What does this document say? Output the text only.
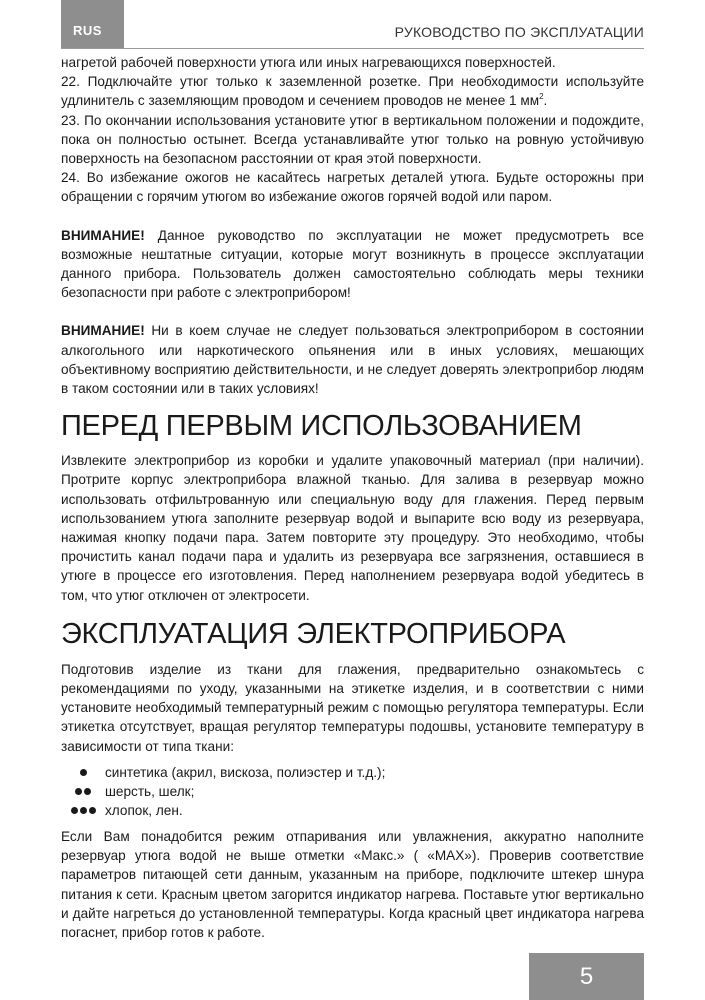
RUS	РУКОВОДСТВО ПО ЭКСПЛУАТАЦИИ

нагретой рабочей поверхности утюга или иных нагревающихся поверхностей.

22. Подключайте утюг только к заземленной розетке. При необходимости используйте удлинитель с заземляющим проводом и сечением проводов не менее 1 $мм^2$.

23. По окончании использования установите утюг в вертикальном положении и подождите, пока он полностью остынет. Всегда устанавливайте утюг только на ровную устойчивую поверхность на безопасном расстоянии от края этой поверхности.

24. Во избежание ожогов не касайтесь нагретых деталей утюга. Будьте осторожны при обращении с горячим утюгом во избежание ожогов горячей водой или паром.

ВНИМАНИЕ! Данное руководство по эксплуатации не может предусмотреть все возможные нештатные ситуации, которые могут возникнуть в процессе эксплуатации данного прибора. Пользователь должен самостоятельно соблюдать меры техники безопасности при работе с электроприбором!

ВНИМАНИЕ! Ни в коем случае не следует пользоваться электроприбором в состоянии алкогольного или наркотического опьянения или в иных условиях, мешающих объективному восприятию действительности, и не следует доверять электроприбор людям в таком состоянии или в таких условиях!

ПЕРЕД ПЕРВЫМ ИСПОЛЬЗОВАНИЕМ

Извлеките электроприбор из коробки и удалите упаковочный материал (при наличии). Протрите корпус электроприбора влажной тканью. Для залива в резервуар можно использовать отфильтрованную или специальную воду для глажения. Перед первым использованием утюга заполните резервуар водой и выпарите всю воду из резервуара, нажимая кнопку подачи пара. Затем повторите эту процедуру. Это необходимо, чтобы прочистить канал подачи пара и удалить из резервуара все загрязнения, оставшиеся в утюге в процессе его изготовления. Перед наполнением резервуара водой убедитесь в том, что утюг отключен от электросети.

ЭКСПЛУАТАЦИЯ ЭЛЕКТРОПРИБОРА

Подготовив изделие из ткани для глажения, предварительно ознакомьтесь с рекомендациями по уходу, указанными на этикетке изделия, и в соответствии с ними установите необходимый температурный режим с помощью регулятора температуры. Если этикетка отсутствует, вращая регулятор температуры подошвы, установите температуру в зависимости от типа ткани:

синтетика (акрил, вискоза, полиэстер и т.д.);
шерсть, шелк;
хлопок, лен.

Если Вам понадобится режим отпаривания или увлажнения, аккуратно наполните резервуар утюга водой не выше отметки «Макс.» ( «MAX»). Проверив соответствие параметров питающей сети данным, указанным на приборе, подключите штекер шнура питания к сети. Красным цветом загорится индикатор нагрева. Поставьте утюг вертикально и дайте нагреться до установленной температуры. Когда красный цвет индикатора нагрева погаснет, прибор готов к работе.

5
